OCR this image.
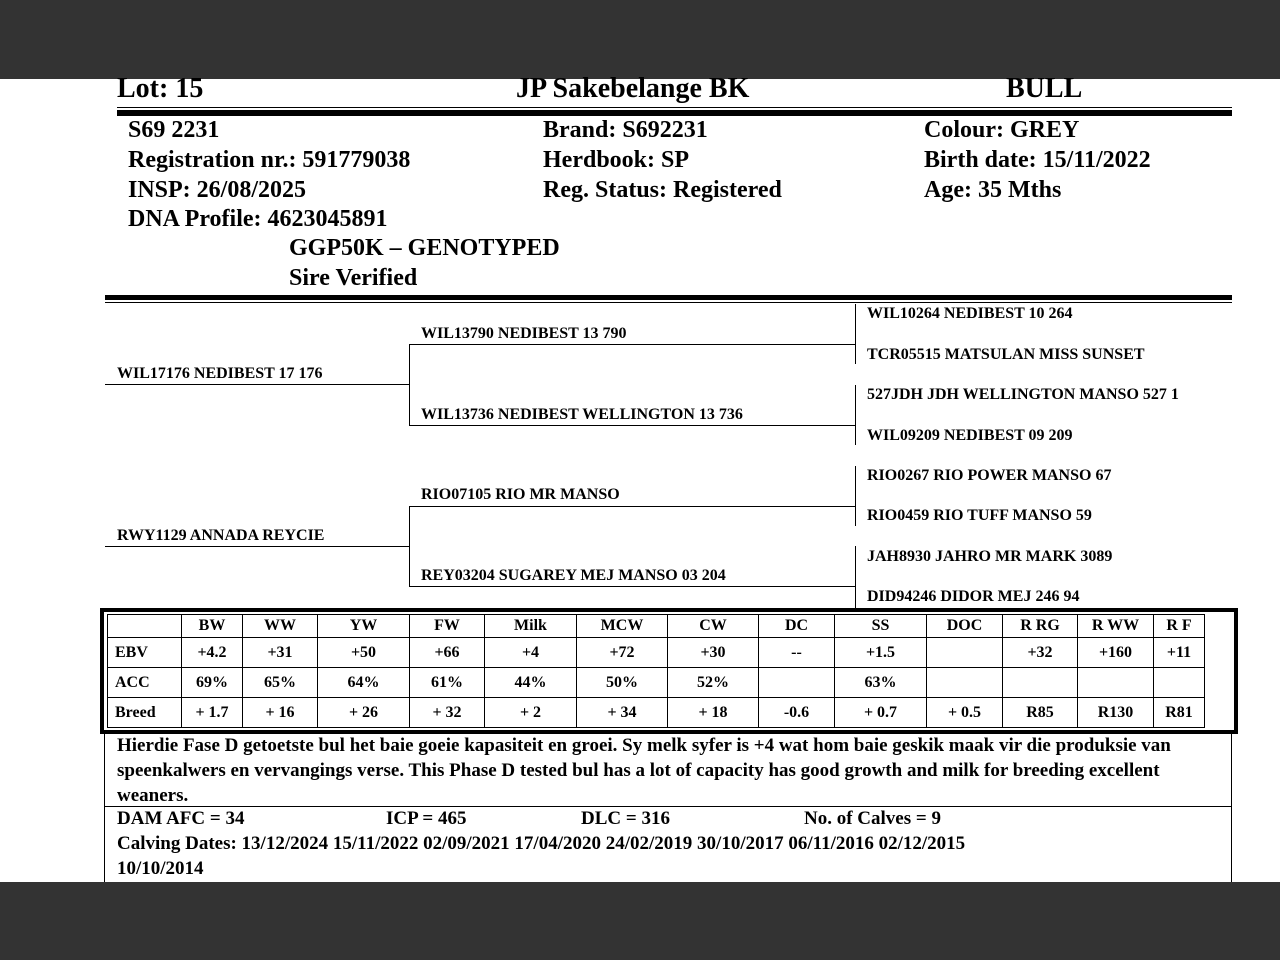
Lot: 15	JP Sakebelange BK	BULL
S69 2231
Registration nr.: 591779038
INSP: 26/08/2025
DNA Profile: 4623045891
GGP50K – GENOTYPED
Sire Verified
Brand: S692231
Herdbook: SP
Reg. Status: Registered
Colour: GREY
Birth date: 15/11/2022
Age: 35 Mths
WIL17176 NEDIBEST 17 176
RWY1129 ANNADA REYCIE
WIL13790 NEDIBEST 13 790
WIL13736 NEDIBEST WELLINGTON 13 736
RIO07105 RIO MR MANSO
REY03204 SUGAREY MEJ MANSO 03 204
WIL10264 NEDIBEST 10 264
TCR05515 MATSULAN MISS SUNSET
527JDH JDH WELLINGTON MANSO 527 1
WIL09209 NEDIBEST 09 209
RIO0267 RIO POWER MANSO 67
RIO0459 RIO TUFF MANSO 59
JAH8930 JAHRO MR MARK 3089
DID94246 DIDOR MEJ 246 94
	BW	WW	YW	FW	Milk	MCW	CW	DC	SS	DOC	R RG	R WW	R F
EBV	+4.2	+31	+50	+66	+4	+72	+30	--	+1.5		+32	+160	+11
ACC	69%	65%	64%	61%	44%	50%	52%		63%				
Breed	+ 1.7	+ 16	+ 26	+ 32	+ 2	+ 34	+ 18	-0.6	+ 0.7	+ 0.5	R85	R130	R81
Hierdie Fase D getoetste bul het baie goeie kapasiteit en groei. Sy melk syfer is +4 wat hom baie geskik maak vir die produksie van speenkalwers en vervangings verse. This Phase D tested bul has a lot of capacity has good growth and milk for breeding excellent weaners.
DAM AFC = 34	ICP = 465	DLC = 316	No. of Calves = 9
Calving Dates: 13/12/2024 15/11/2022 02/09/2021 17/04/2020 24/02/2019 30/10/2017 06/11/2016 02/12/2015
10/10/2014
